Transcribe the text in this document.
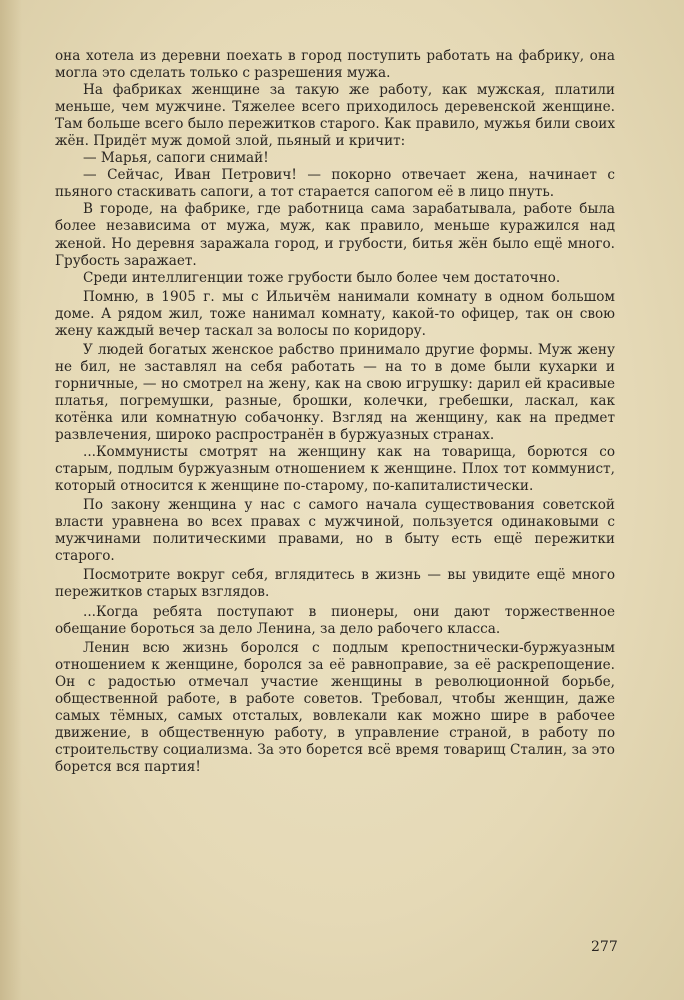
она хотела из деревни поехать в город поступить работать на фабрику, она могла это сделать только с разрешения мужа.

На фабриках женщине за такую же работу, как мужская, платили меньше, чем мужчине. Тяжелее всего приходилось деревенской женщине. Там больше всего было пережитков старого. Как правило, мужья били своих жён. Придёт муж домой злой, пьяный и кричит:

— Марья, сапоги снимай!

— Сейчас, Иван Петрович! — покорно отвечает жена, начинает с пьяного стаскивать сапоги, а тот старается сапогом её в лицо пнуть.

В городе, на фабрике, где работница сама зарабатывала, работе была более независима от мужа, муж, как правило, меньше куражился над женой. Но деревня заражала город, и грубости, битья жён было ещё много. Грубость заражает.

Среди интеллигенции тоже грубости было более чем достаточно.

Помню, в 1905 г. мы с Ильичём нанимали комнату в одном большом доме. А рядом жил, тоже нанимал комнату, какой-то офицер, так он свою жену каждый вечер таскал за волосы по коридору.

У людей богатых женское рабство принимало другие формы. Муж жену не бил, не заставлял на себя работать — на то в доме были кухарки и горничные, — но смотрел на жену, как на свою игрушку: дарил ей красивые платья, погремушки, разные, брошки, колечки, гребешки, ласкал, как котёнка или комнатную собачонку. Взгляд на женщину, как на предмет развлечения, широко распространён в буржуазных странах.

...Коммунисты смотрят на женщину как на товарища, борются со старым, подлым буржуазным отношением к женщине. Плох тот коммунист, который относится к женщине по-старому, по-капиталистически.

По закону женщина у нас с самого начала существования советской власти уравнена во всех правах с мужчиной, пользуется одинаковыми с мужчинами политическими правами, но в быту есть ещё пережитки старого.

Посмотрите вокруг себя, вглядитесь в жизнь — вы увидите ещё много пережитков старых взглядов.

...Когда ребята поступают в пионеры, они дают торжественное обещание бороться за дело Ленина, за дело рабочего класса.

Ленин всю жизнь боролся с подлым крепостнически-буржуазным отношением к женщине, боролся за её равноправие, за её раскрепощение. Он с радостью отмечал участие женщины в революционной борьбе, общественной работе, в работе советов. Требовал, чтобы женщин, даже самых тёмных, самых отсталых, вовлекали как можно шире в рабочее движение, в общественную работу, в управление страной, в работу по строительству социализма. За это борется всё время товарищ Сталин, за это борется вся партия!

277
